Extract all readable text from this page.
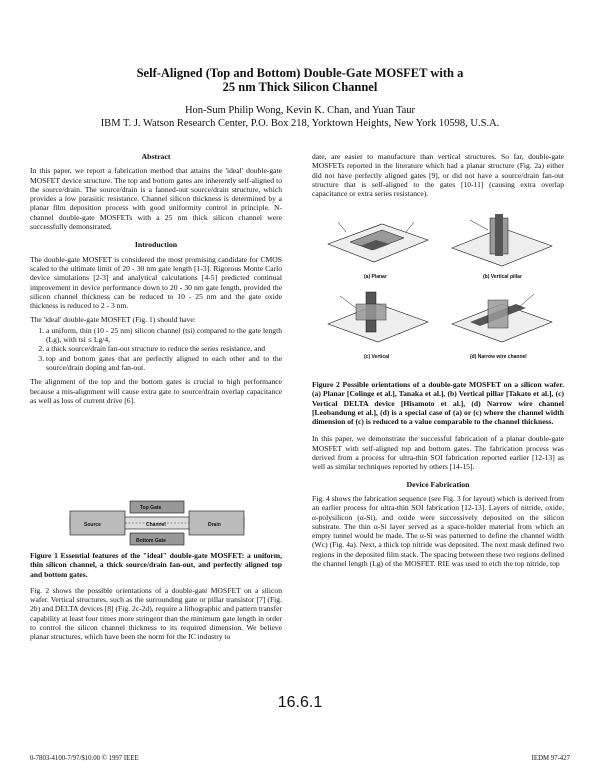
Self-Aligned (Top and Bottom) Double-Gate MOSFET with a
25 nm Thick Silicon Channel
Hon-Sum Philip Wong, Kevin K. Chan, and Yuan Taur
IBM T. J. Watson Research Center, P.O. Box 218, Yorktown Heights, New York 10598, U.S.A.
Abstract

In this paper, we report a fabrication method that attains the 'ideal' double-gate MOSFET device structure. The top and bottom gates are inherently self-aligned to the source/drain. The source/drain is a fanned-out source/drain structure, which provides a low parasitic resistance. Channel silicon thickness is determined by a planar film deposition process with good uniformity control in principle. N-channel double-gate MOSFETs with a 25 nm thick silicon channel were successfully demonstrated.

Introduction

The double-gate MOSFET is considered the most promising candidate for CMOS scaled to the ultimate limit of 20 - 30 nm gate length [1-3]. Rigorous Monte Carlo device simulations [2-3] and analytical calculations [4-5] predicted continual improvement in device performance down to 20 - 30 nm gate length, provided the silicon channel thickness can be reduced to 10 - 25 nm and the gate oxide thickness is reduced to 2 - 3 nm.

The 'ideal' double-gate MOSFET (Fig. 1) should have:

1. a uniform, thin (10 - 25 nm) silicon channel (tsi) compared to the gate length (Lg), with tsi ≤ Lg/4,
2. a thick source/drain fan-out structure to reduce the series resistance, and
3. top and bottom gates that are perfectly aligned to each other and to the source/drain doping and fan-out.

The alignment of the top and the bottom gates is crucial to high performance because a mis-alignment will cause extra gate to source/drain overlap capacitance as well as loss of current drive [6].

Top Gate
Channel
Source	Drain
Bottom Gate

Figure 1 Essential features of the "ideal" double-gate MOSFET: a uniform, thin silicon channel, a thick source/drain fan-out, and perfectly aligned top and bottom gates.

Fig. 2 shows the possible orientations of a double-gate MOSFET on a silicon wafer. Vertical structures, such as the surrounding gate or pillar transistor [7] (Fig. 2b) and DELTA devices [8] (Fig. 2c-2d), require a lithographic and pattern transfer capability at least four times more stringent than the minimum gate length in order to control the silicon channel thickness to its required dimension. We believe planar structures, which have been the norm for the IC industry to

date, are easier to manufacture than vertical structures. So far, double-gate MOSFETs reported in the literature which had a planar structure (Fig. 2a) either did not have perfectly aligned gates [9], or did not have a source/drain fan-out structure that is self-aligned to the gates [10-11] (causing extra overlap capacitance or extra series resistance).

(a) Planar	(b) Vertical pillar
(c) Vertical	(d) Narrow wire channel

Figure 2 Possible orientations of a double-gate MOSFET on a silicon wafer. (a) Planar [Colinge et al.], Tanaka et al.], (b) Vertical pillar [Takato et al.], (c) Vertical DELTA device [Hisamoto et al.], (d) Narrow wire channel [Leobandung et al.], (d) is a special case of (a) or (c) where the channel width dimension of (c) is reduced to a value comparable to the channel thickness.

In this paper, we demonstrate the successful fabrication of a planar double-gate MOSFET with self-aligned top and bottom gates. The fabrication process was derived from a process for ultra-thin SOI fabrication reported earlier [12-13] as well as similar techniques reported by others [14-15].

Device Fabrication

Fig. 4 shows the fabrication sequence (see Fig. 3 for layout) which is derived from an earlier process for ultra-thin SOI fabrication [12-13]. Layers of nitride, oxide, α-polysilicon (α-Si), and oxide were successively deposited on the silicon substrate. The thin α-Si layer served as a space-holder material from which an empty tunnel would be made. The α-Si was patterned to define the channel width (Wc) (Fig. 4a). Next, a thick top nitride was deposited. The next mask defined two regions in the deposited film stack. The spacing between these two regions defined the channel length (Lg) of the MOSFET. RIE was used to etch the top nitride, top

16.6.1
0-7803-4100-7/97/$10.00 © 1997 IEEE	IEDM 97-427
